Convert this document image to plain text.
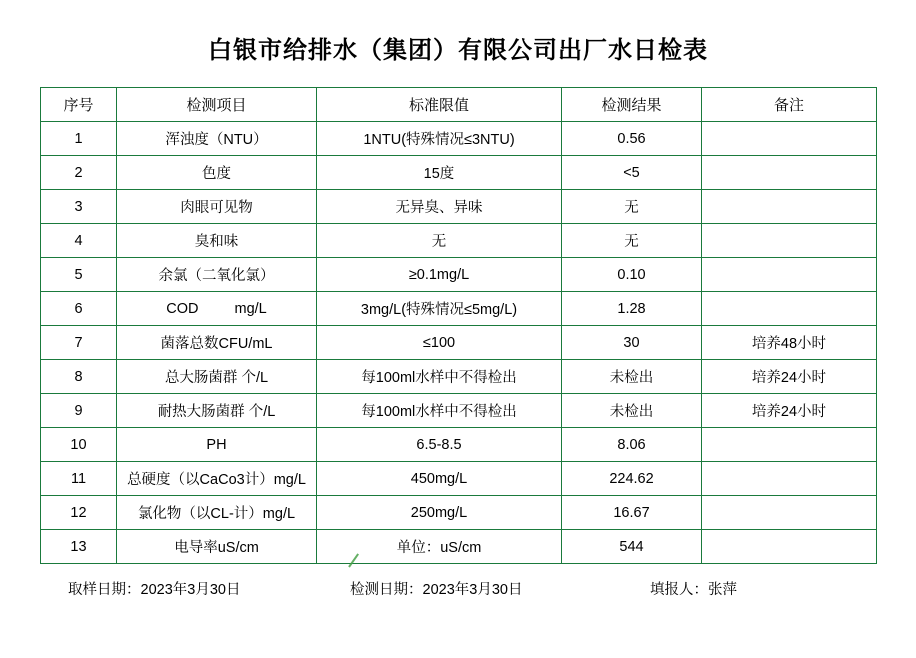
白银市给排水（集团）有限公司出厂水日检表
序号	检测项目	标准限值	检测结果	备注
1	浑浊度（NTU）	1NTU(特殊情况≤3NTU)	0.56	
2	色度	15度	<5	
3	肉眼可见物	无异臭、异味	无	
4	臭和味	无	无	
5	余氯（二氧化氯）	≥0.1mg/L	0.10	
6	COD mg/L	3mg/L(特殊情况≤5mg/L)	1.28	
7	菌落总数CFU/mL	≤100	30	培养48小时
8	总大肠菌群 个/L	每100ml水样中不得检出	未检出	培养24小时
9	耐热大肠菌群 个/L	每100ml水样中不得检出	未检出	培养24小时
10	PH	6.5-8.5	8.06	
11	总硬度（以CaCo3计）mg/L	450mg/L	224.62	
12	氯化物（以CL-计）mg/L	250mg/L	16.67	
13	电导率uS/cm	单位：uS/cm	544	
取样日期：2023年3月30日	检测日期：2023年3月30日	填报人：张萍
